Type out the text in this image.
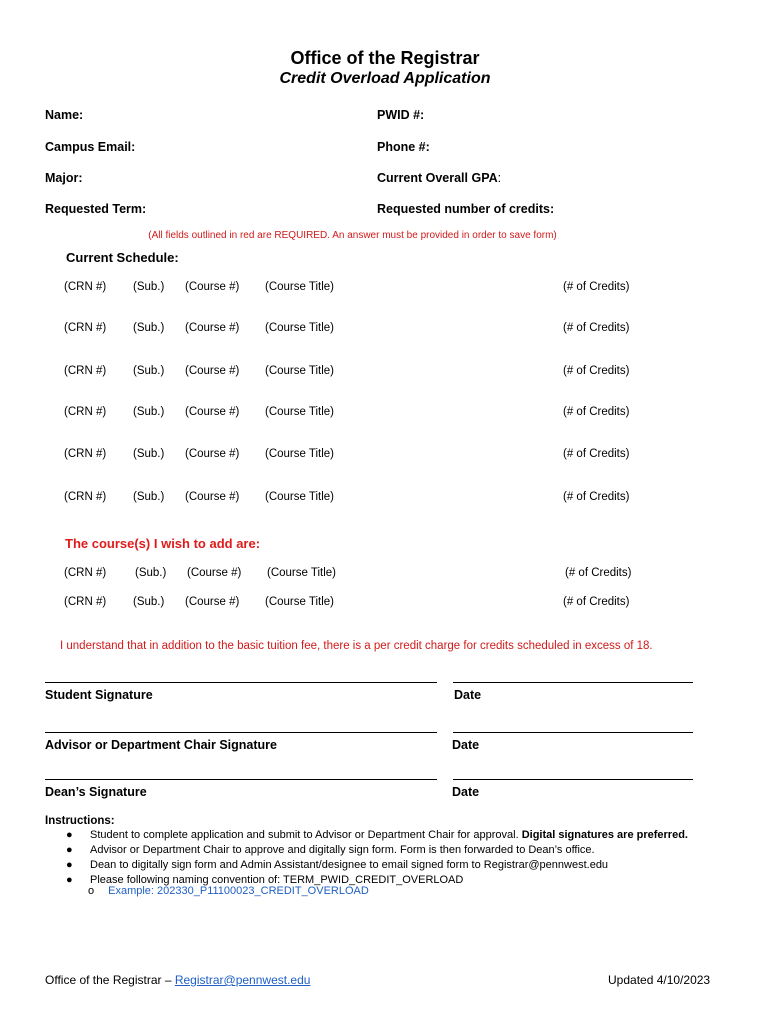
Office of the Registrar
Credit Overload Application
Name:	PWID #:
Campus Email:	Phone #:
Major:	Current Overall GPA:
Requested Term:	Requested number of credits:
(All fields outlined in red are REQUIRED. An answer must be provided in order to save form)
Current Schedule:
(CRN #) (Sub.) (Course #) (Course Title)	(# of Credits)
(CRN #) (Sub.) (Course #) (Course Title)	(# of Credits)
(CRN #) (Sub.) (Course #) (Course Title)	(# of Credits)
(CRN #) (Sub.) (Course #) (Course Title)	(# of Credits)
(CRN #) (Sub.) (Course #) (Course Title)	(# of Credits)
(CRN #) (Sub.) (Course #) (Course Title)	(# of Credits)
The course(s) I wish to add are:
(CRN #)	(Sub.) (Course #) (Course Title)	(# of Credits)
(CRN #) (Sub.) (Course #) (Course Title)	(# of Credits)
I understand that in addition to the basic tuition fee, there is a per credit charge for credits scheduled in excess of 18.
Student Signature	Date
Advisor or Department Chair Signature	Date
Dean’s Signature	Date
Instructions:
● Student to complete application and submit to Advisor or Department Chair for approval. Digital signatures are preferred.
● Advisor or Department Chair to approve and digitally sign form. Form is then forwarded to Dean’s office.
● Dean to digitally sign form and Admin Assistant/designee to email signed form to Registrar@pennwest.edu
● Please following naming convention of: TERM_PWID_CREDIT_OVERLOAD
o Example: 202330_P11100023_CREDIT_OVERLOAD
Office of the Registrar – Registrar@pennwest.edu	Updated 4/10/2023
